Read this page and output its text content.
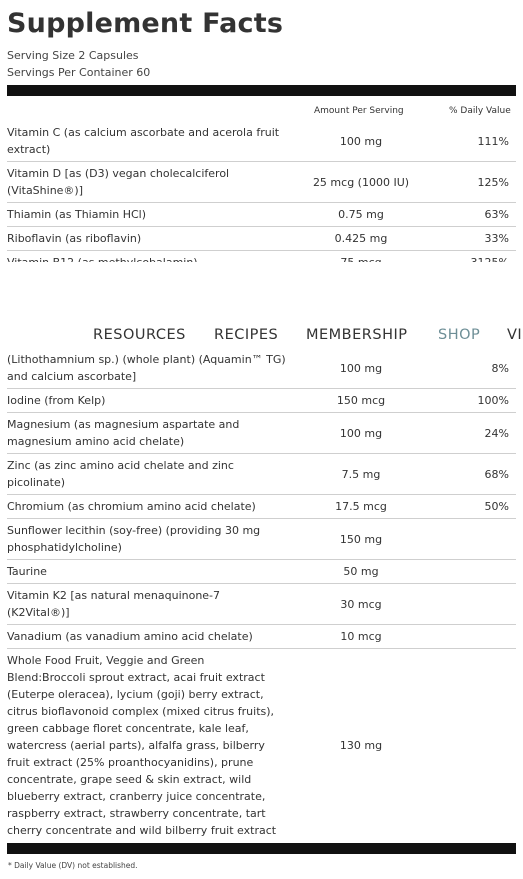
Supplement Facts
Serving Size 2 Capsules
Servings Per Container 60
Amount Per Serving	% Daily Value
Vitamin C (as calcium ascorbate and acerola fruit extract)	100 mg	111%
Vitamin D [as (D3) vegan cholecalciferol (VitaShine®)]	25 mcg (1000 IU)	125%
Thiamin (as Thiamin HCl)	0.75 mg	63%
Riboflavin (as riboflavin)	0.425 mg	33%

RESOURCES RECIPES MEMBERSHIP SHOP VI
(Lithothamnium sp.) (whole plant) (Aquamin™ TG) and calcium ascorbate]	100 mg	8%
Iodine (from Kelp)	150 mcg	100%
Magnesium (as magnesium aspartate and magnesium amino acid chelate)	100 mg	24%
Zinc (as zinc amino acid chelate and zinc picolinate)	7.5 mg	68%
Chromium (as chromium amino acid chelate)	17.5 mcg	50%
Sunflower lecithin (soy-free) (providing 30 mg phosphatidylcholine)	150 mg	
Taurine	50 mg	
Vitamin K2 [as natural menaquinone-7 (K2Vital®)]	30 mcg	
Vanadium (as vanadium amino acid chelate)	10 mcg	
Whole Food Fruit, Veggie and Green Blend:Broccoli sprout extract, acai fruit extract (Euterpe oleracea), lycium (goji) berry extract, citrus bioflavonoid complex (mixed citrus fruits), green cabbage floret concentrate, kale leaf, watercress (aerial parts), alfalfa grass, bilberry fruit extract (25% proanthocyanidins), prune concentrate, grape seed & skin extract, wild blueberry extract, cranberry juice concentrate, raspberry extract, strawberry concentrate, tart cherry concentrate and wild bilberry fruit extract	130 mg	
* Daily Value (DV) not established.
